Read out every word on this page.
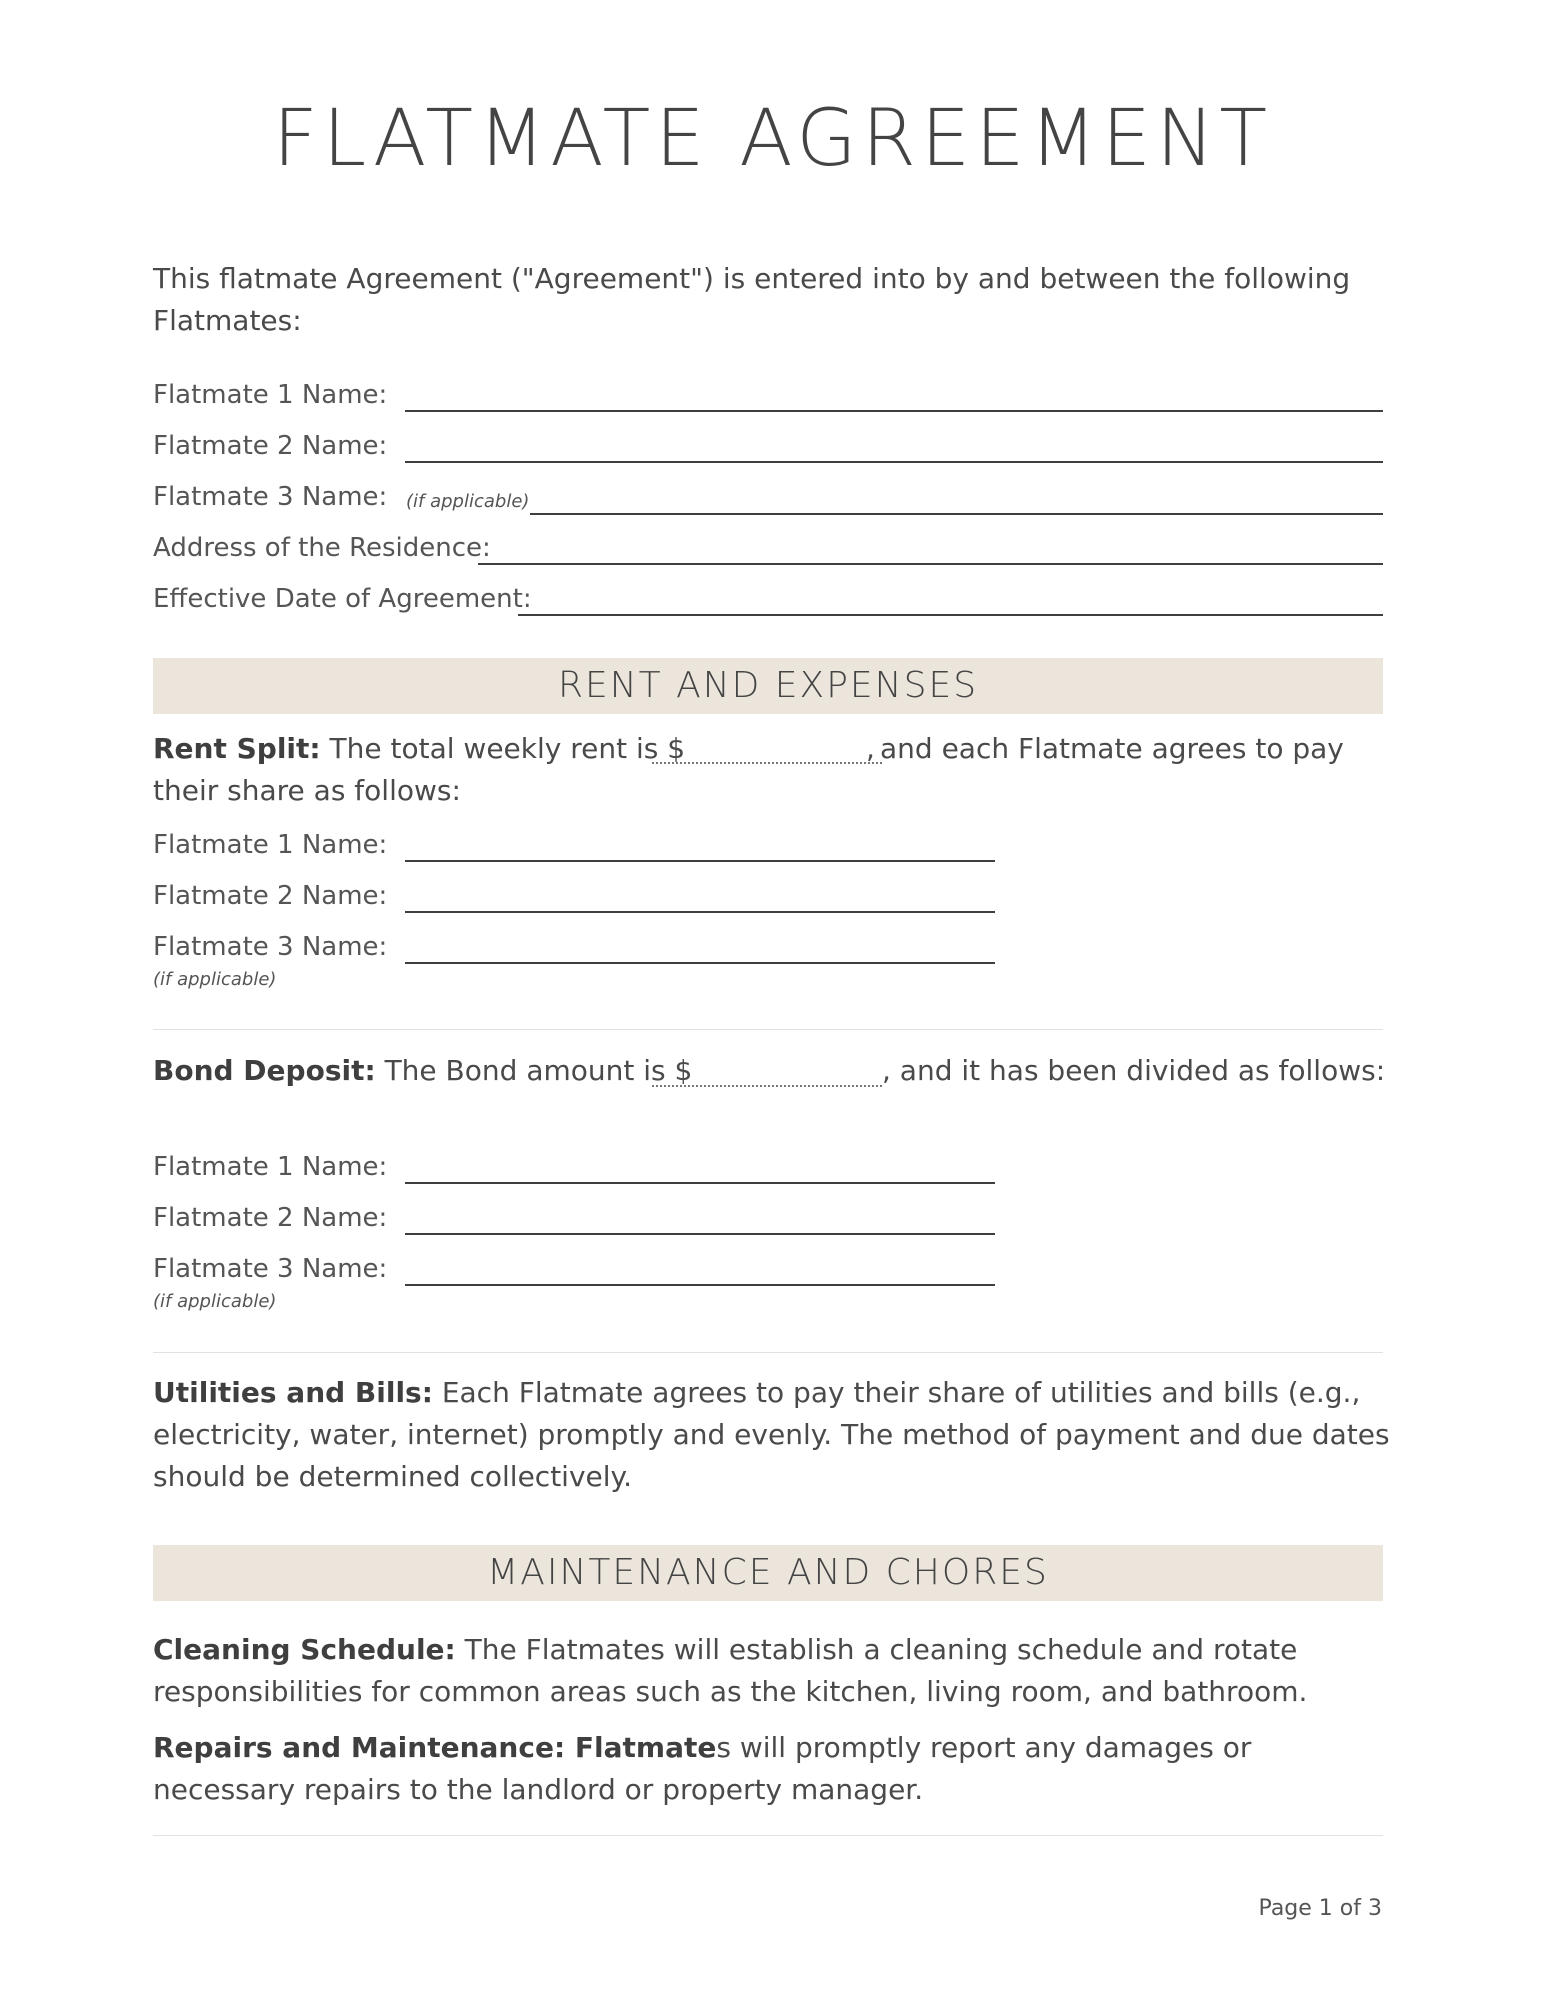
FLATMATE AGREEMENT
This flatmate Agreement ("Agreement") is entered into by and between the following Flatmates:
Flatmate 1 Name:
Flatmate 2 Name:
Flatmate 3 Name: (if applicable)
Address of the Residence:
Effective Date of Agreement:
RENT AND EXPENSES
Rent Split: The total weekly rent is $	, and each Flatmate agrees to pay
their share as follows:
Flatmate 1 Name:
Flatmate 2 Name:
Flatmate 3 Name:
(if applicable)
Bond Deposit: The Bond amount is $	, and it has been divided as follows:
Flatmate 1 Name:
Flatmate 2 Name:
Flatmate 3 Name:
(if applicable)
Utilities and Bills: Each Flatmate agrees to pay their share of utilities and bills (e.g., electricity, water, internet) promptly and evenly. The method of payment and due dates should be determined collectively.
MAINTENANCE AND CHORES
Cleaning Schedule: The Flatmates will establish a cleaning schedule and rotate responsibilities for common areas such as the kitchen, living room, and bathroom.
Repairs and Maintenance: Flatmates will promptly report any damages or necessary repairs to the landlord or property manager.
Page 1 of 3
